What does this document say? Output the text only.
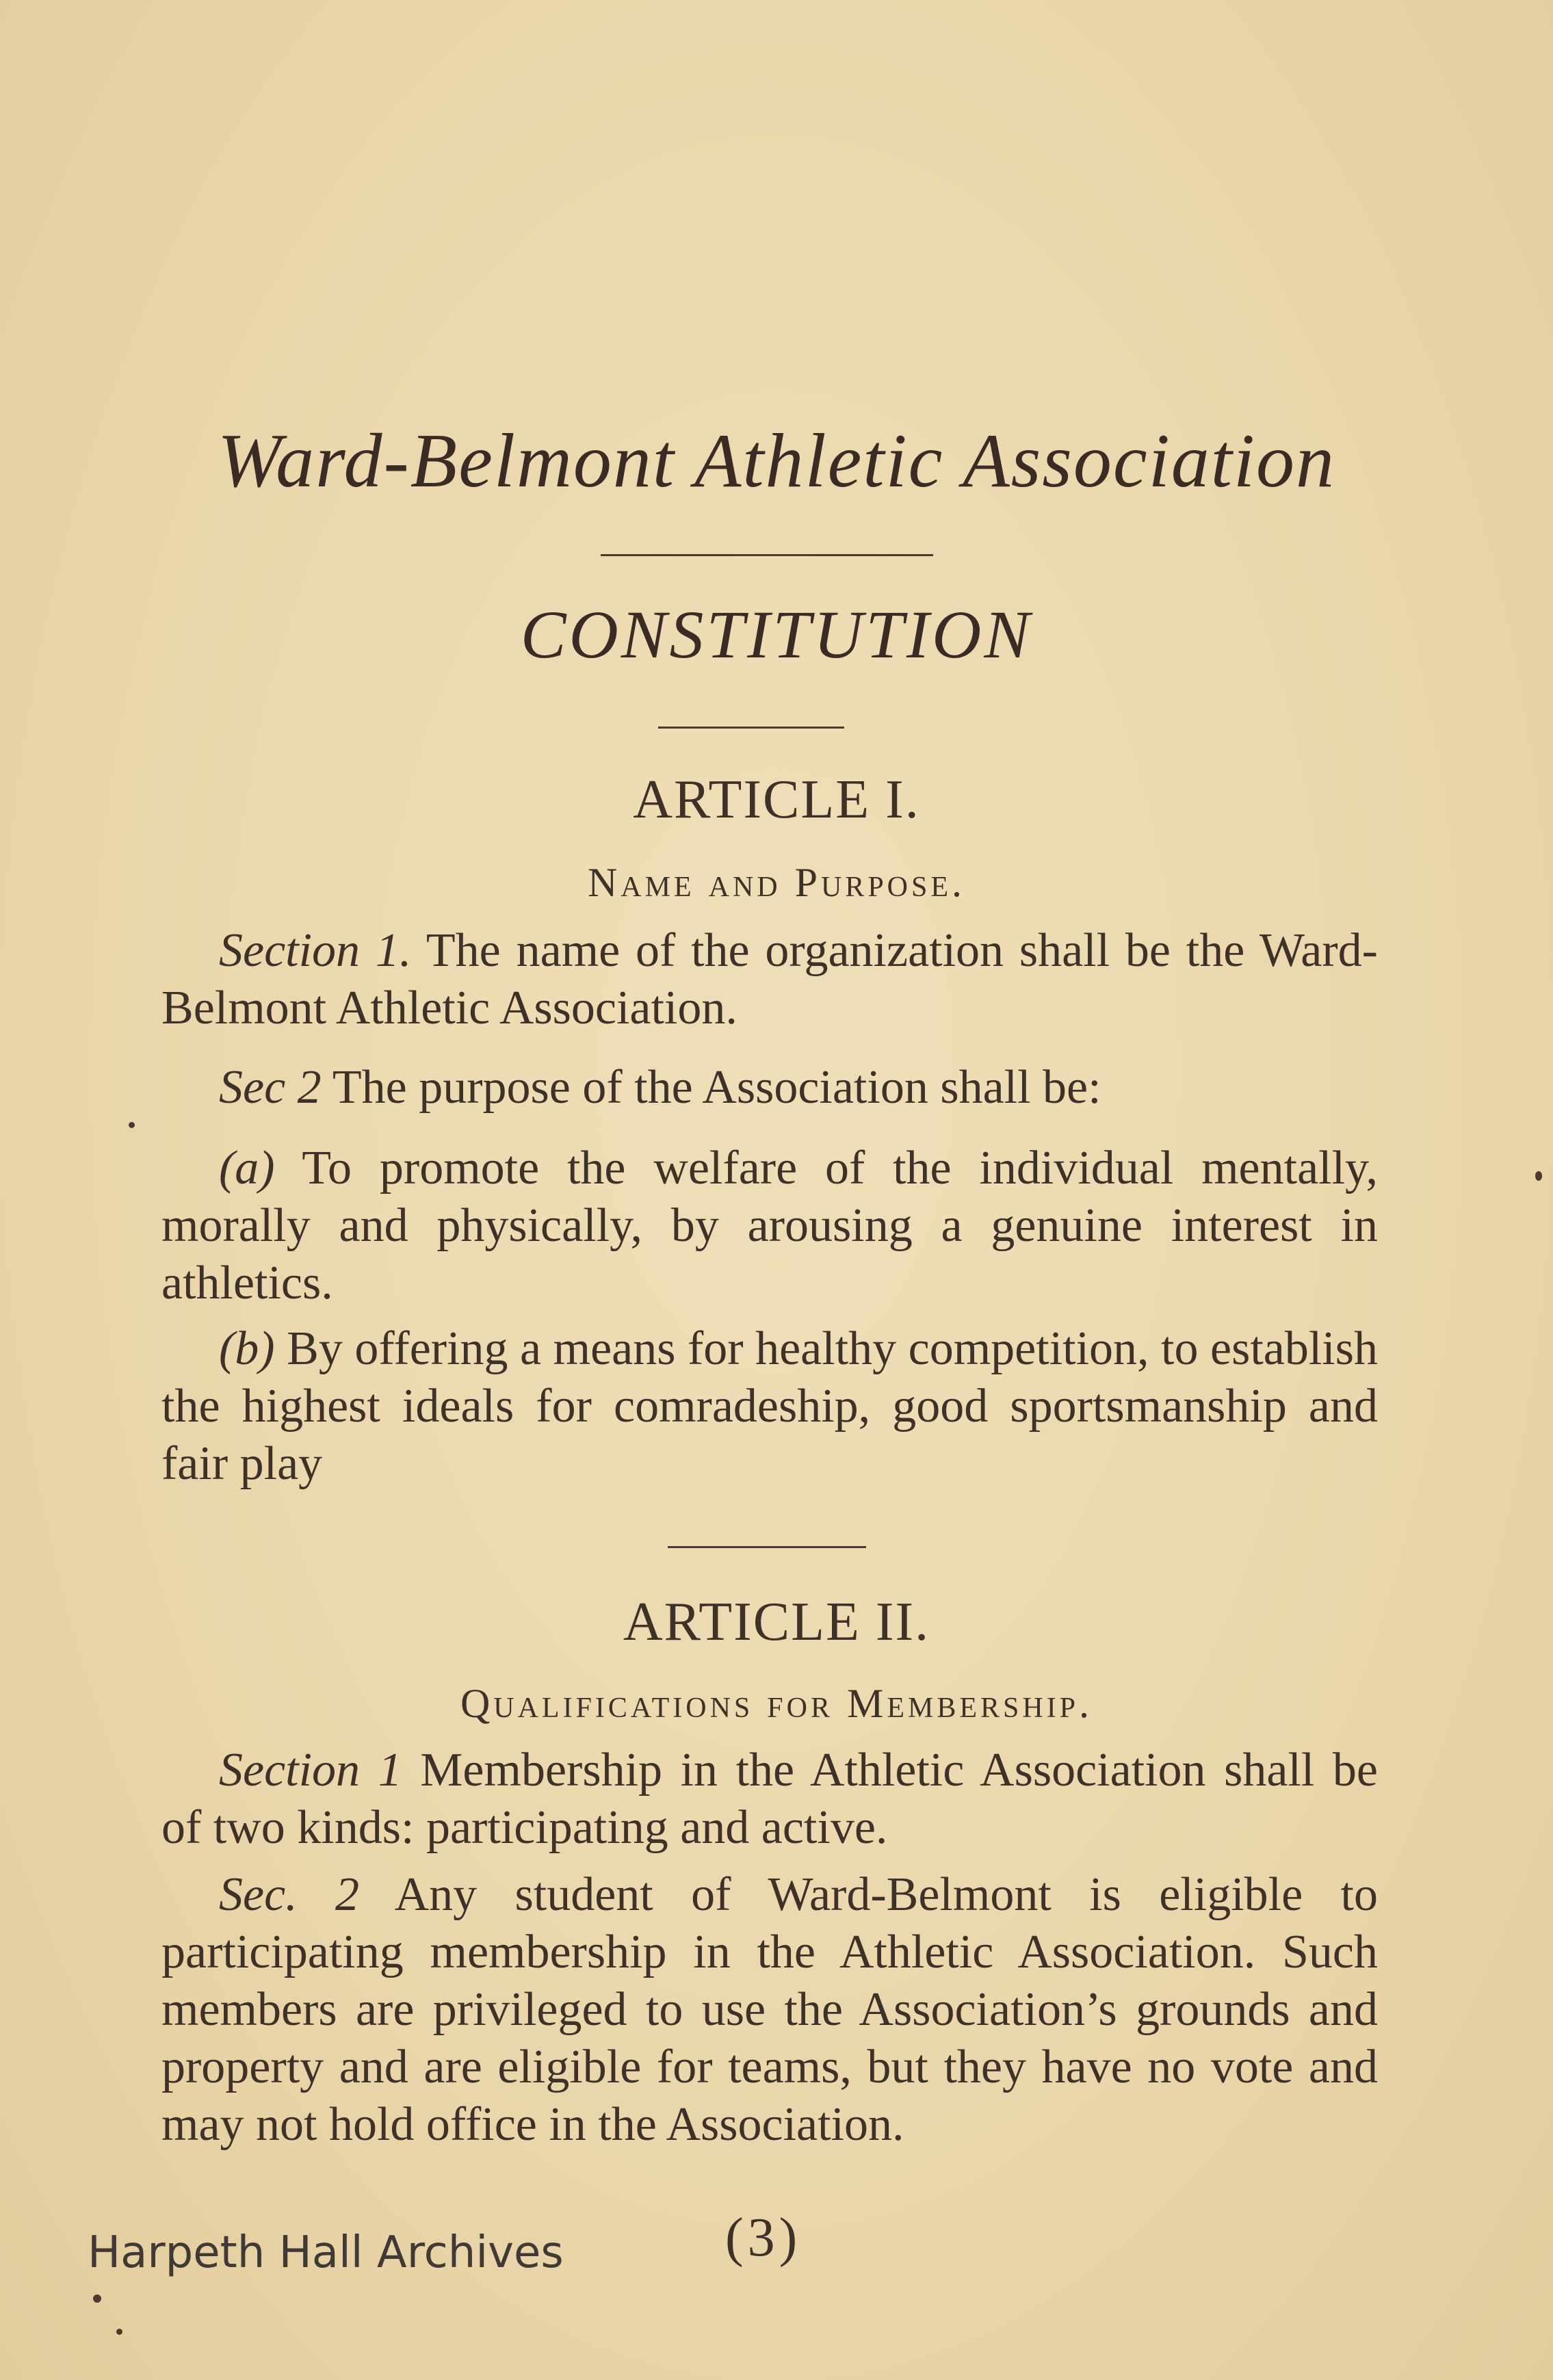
Ward-Belmont Athletic Association
CONSTITUTION
ARTICLE I.
Name and Purpose.

Section 1. The name of the organization shall be the Ward-Belmont Athletic Association.

Sec 2 The purpose of the Association shall be:

(a) To promote the welfare of the individual mentally, morally and physically, by arousing a genuine interest in athletics.

(b) By offering a means for healthy competition, to establish the highest ideals for comradeship, good sportsmanship and fair play

ARTICLE II.
Qualifications for Membership.

Section 1 Membership in the Athletic Association shall be of two kinds: participating and active.

Sec. 2 Any student of Ward-Belmont is eligible to participating membership in the Athletic Association. Such members are privileged to use the Association’s grounds and property and are eligible for teams, but they have no vote and may not hold office in the Association.

Harpeth Hall Archives	(3)
